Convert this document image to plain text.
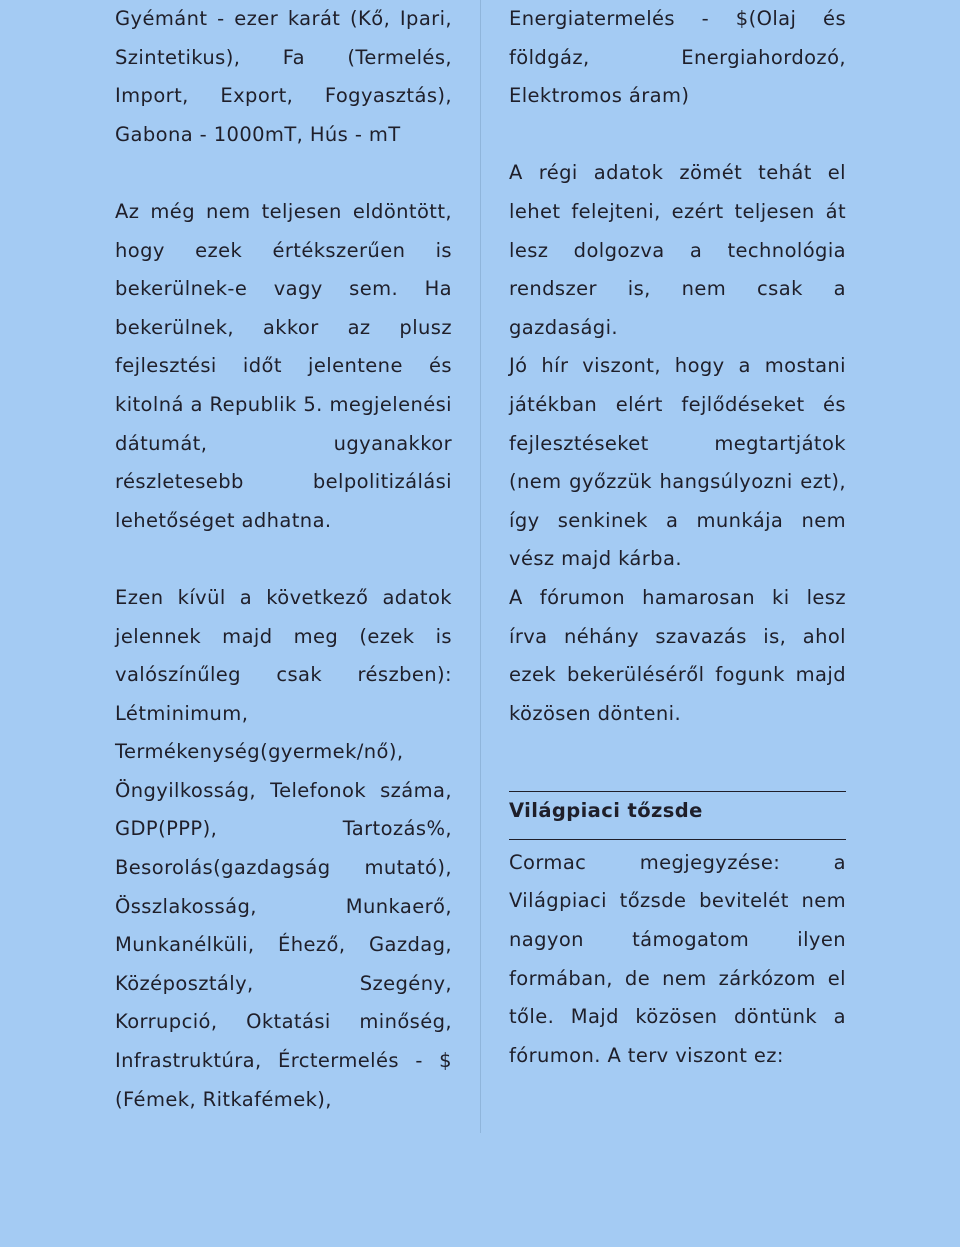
Gyémánt - ezer karát (Kő, Ipari, Szintetikus), Fa (Termelés, Import, Export, Fogyasztás), Gabona - 1000mT, Hús - mT

Az még nem teljesen eldöntött, hogy ezek értékszerűen is bekerülnek-e vagy sem. Ha bekerülnek, akkor az plusz fejlesztési időt jelentene és kitolná a Republik 5. megjelenési dátumát, ugyanakkor részletesebb belpolitizálási lehetőséget adhatna.

Ezen kívül a következő adatok jelennek majd meg (ezek is valószínűleg csak részben): Létminimum, Termékenység(gyermek/nő), Öngyilkosság, Telefonok száma, GDP(PPP), Tartozás%, Besorolás(gazdagság mutató), Összlakosság, Munkaerő, Munkanélküli, Éhező, Gazdag, Középosztály, Szegény, Korrupció, Oktatási minőség, Infrastruktúra, Érctermelés - $ (Fémek, Ritkafémek),

Energiatermelés - $(Olaj és földgáz, Energiahordozó, Elektromos áram)

A régi adatok zömét tehát el lehet felejteni, ezért teljesen át lesz dolgozva a technológia rendszer is, nem csak a gazdasági.

Jó hír viszont, hogy a mostani játékban elért fejlődéseket és fejlesztéseket megtartjátok (nem győzzük hangsúlyozni ezt), így senkinek a munkája nem vész majd kárba.

A fórumon hamarosan ki lesz írva néhány szavazás is, ahol ezek bekerüléséről fogunk majd közösen dönteni.

Világpiaci tőzsde

Cormac megjegyzése: a Világpiaci tőzsde bevitelét nem nagyon támogatom ilyen formában, de nem zárkózom el tőle. Majd közösen döntünk a fórumon. A terv viszont ez:
